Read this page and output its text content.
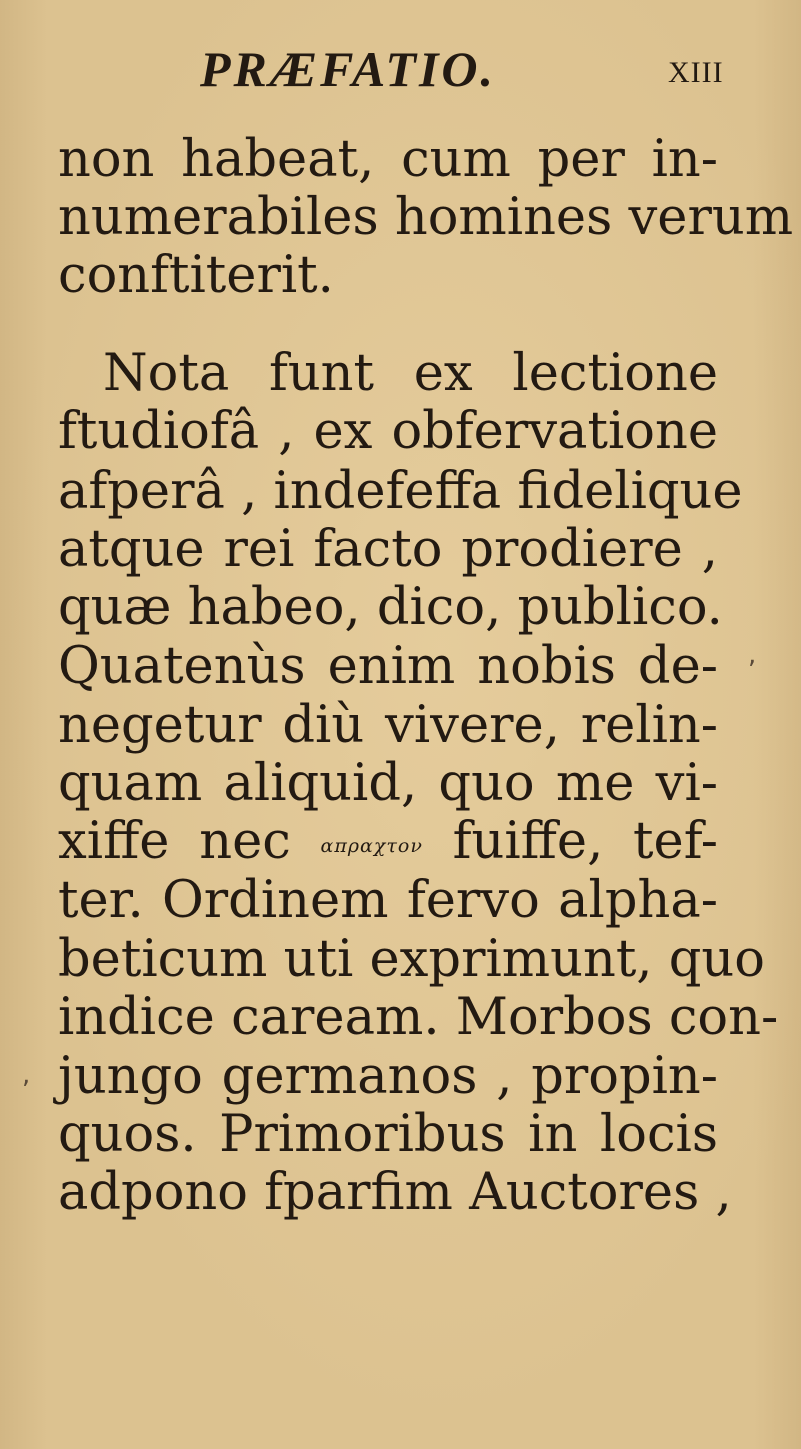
PRÆFATIO.	XIII
non habeat, cum per in-
numerabiles homines verum
conftiterit.
Nota funt ex lectione
ftudiofâ , ex obfervatione
afperâ , indefeffa fidelique
atque rei facto prodiere ,
quæ habeo, dico, publico.
Quatenùs enim nobis de-
negetur diù vivere, relin-
quam aliquid, quo me vi-
xiffe nec απραχτον fuiffe, tef-
ter. Ordinem fervo alpha-
beticum uti exprimunt, quo
indice caream. Morbos con-
jungo germanos , propin-
quos. Primoribus in locis
adpono fparfim Auctores ,
,
,
